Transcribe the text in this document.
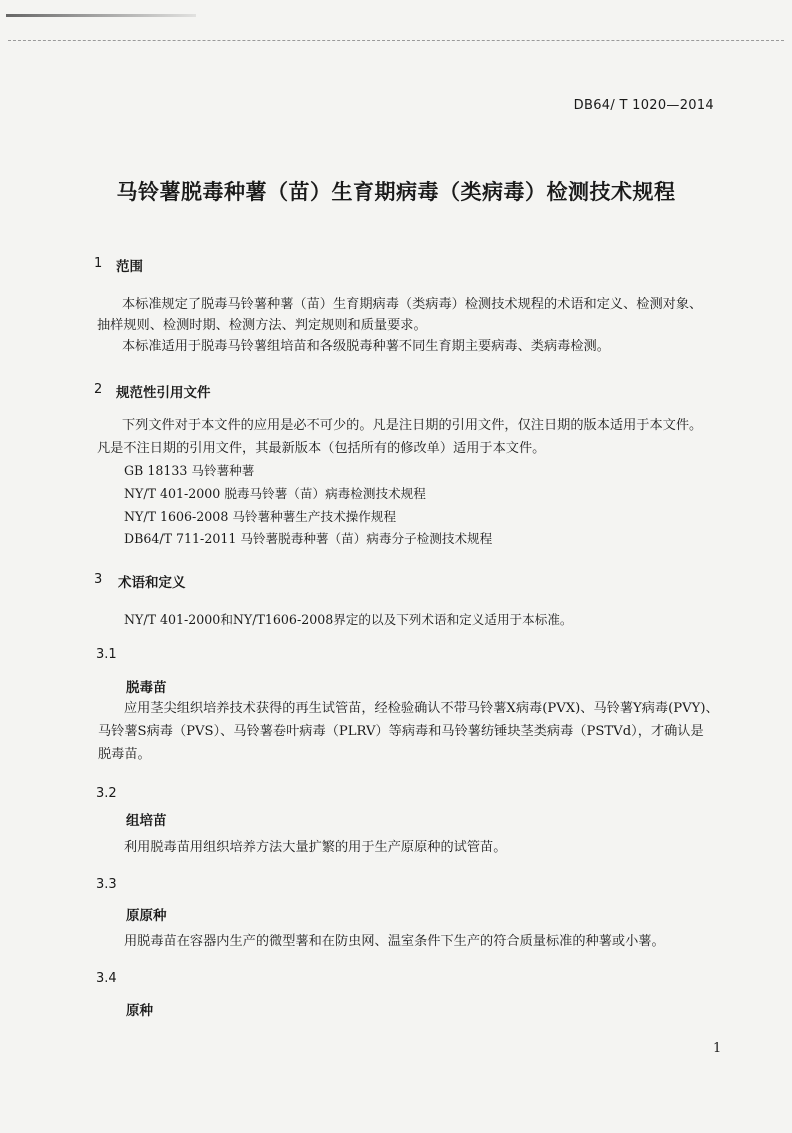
DB64/ T 1020—2014
马铃薯脱毒种薯（苗）生育期病毒（类病毒）检测技术规程
1 范围
本标准规定了脱毒马铃薯种薯（苗）生育期病毒（类病毒）检测技术规程的术语和定义、检测对象、
抽样规则、检测时期、检测方法、判定规则和质量要求。
本标准适用于脱毒马铃薯组培苗和各级脱毒种薯不同生育期主要病毒、类病毒检测。
2 规范性引用文件
下列文件对于本文件的应用是必不可少的。凡是注日期的引用文件，仅注日期的版本适用于本文件。
凡是不注日期的引用文件，其最新版本（包括所有的修改单）适用于本文件。
GB 18133 马铃薯种薯
NY/T 401-2000 脱毒马铃薯（苗）病毒检测技术规程
NY/T 1606-2008 马铃薯种薯生产技术操作规程
DB64/T 711-2011 马铃薯脱毒种薯（苗）病毒分子检测技术规程
3 术语和定义
NY/T 401-2000和NY/T1606-2008界定的以及下列术语和定义适用于本标准。
3.1
脱毒苗
应用茎尖组织培养技术获得的再生试管苗，经检验确认不带马铃薯X病毒(PVX)、马铃薯Y病毒(PVY)、
马铃薯S病毒（PVS）、马铃薯卷叶病毒（PLRV）等病毒和马铃薯纺锤块茎类病毒（PSTVd），才确认是
脱毒苗。
3.2
组培苗
利用脱毒苗用组织培养方法大量扩繁的用于生产原原种的试管苗。
3.3
原原种
用脱毒苗在容器内生产的微型薯和在防虫网、温室条件下生产的符合质量标准的种薯或小薯。
3.4
原种
1
